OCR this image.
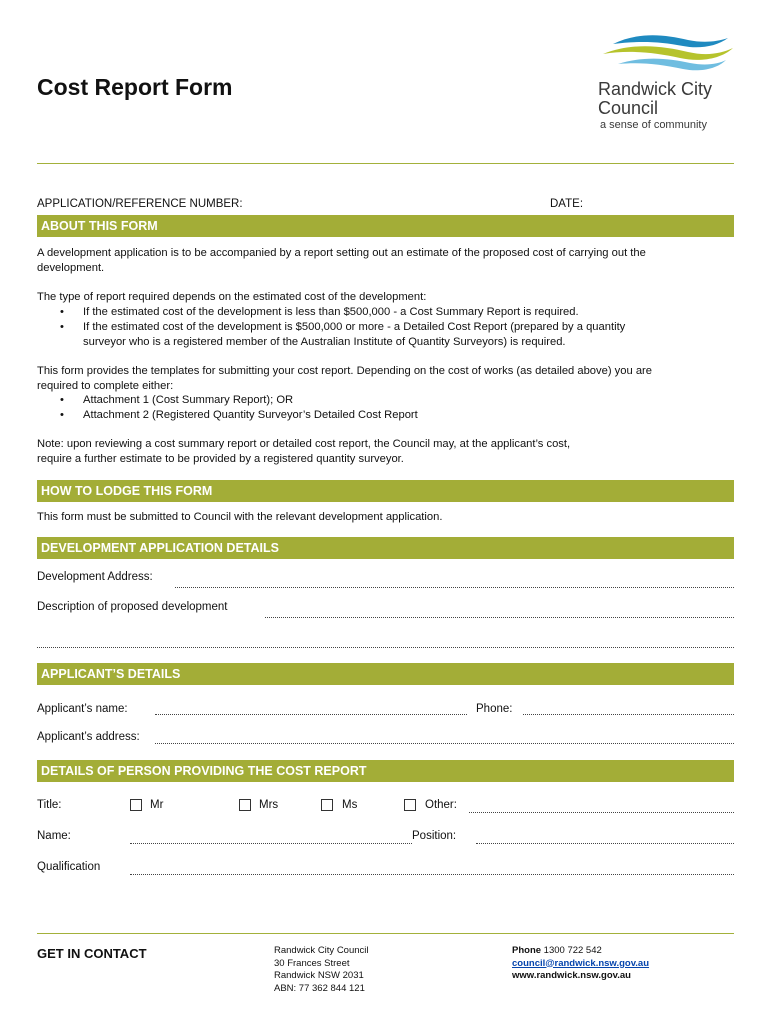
Cost Report Form	Randwick City
Council
a sense of community
APPLICATION/REFERENCE NUMBER:	DATE:
ABOUT THIS FORM
A development application is to be accompanied by a report setting out an estimate of the proposed cost of carrying out the
development.
The type of report required depends on the estimated cost of the development:
If the estimated cost of the development is less than $500,000 - a Cost Summary Report is required.
If the estimated cost of the development is $500,000 or more - a Detailed Cost Report (prepared by a quantity
surveyor who is a registered member of the Australian Institute of Quantity Surveyors) is required.
This form provides the templates for submitting your cost report. Depending on the cost of works (as detailed above) you are
required to complete either:
Attachment 1 (Cost Summary Report); OR
Attachment 2 (Registered Quantity Surveyor’s Detailed Cost Report
Note: upon reviewing a cost summary report or detailed cost report, the Council may, at the applicant’s cost,
require a further estimate to be provided by a registered quantity surveyor.
HOW TO LODGE THIS FORM
This form must be submitted to Council with the relevant development application.
DEVELOPMENT APPLICATION DETAILS
Development Address:
Description of proposed development
APPLICANT’S DETAILS
Applicant’s name:	Phone:
Applicant’s address:
DETAILS OF PERSON PROVIDING THE COST REPORT
Title:	Mr	Mrs	Ms	Other:
Name:	Position:
Qualification
GET IN CONTACT	Randwick City Council
30 Frances Street
Randwick NSW 2031
ABN: 77 362 844 121
Phone 1300 722 542
council@randwick.nsw.gov.au
www.randwick.nsw.gov.au
